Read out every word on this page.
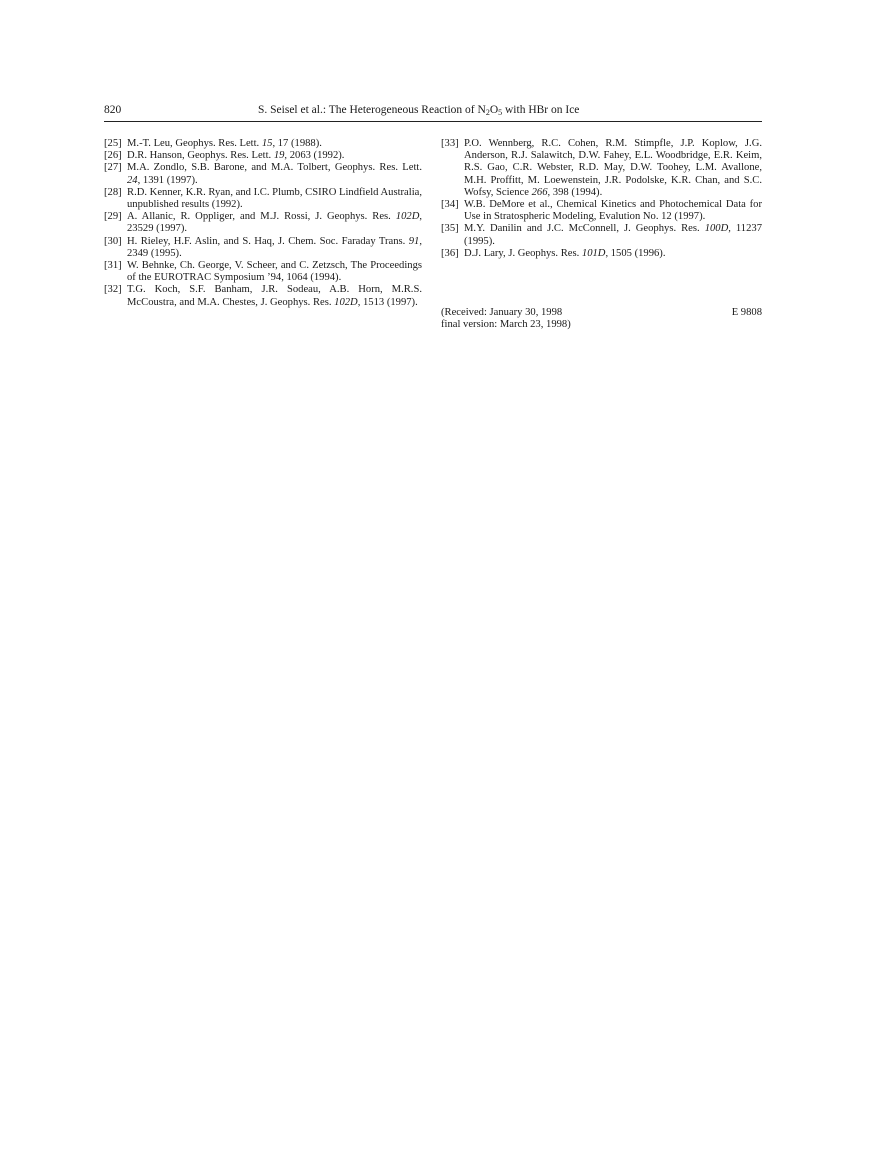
820	S. Seisel et al.: The Heterogeneous Reaction of $N_2O_5$ with HBr on Ice

[25] M.-T. Leu, Geophys. Res. Lett. 15, 17 (1988).

[26] D.R. Hanson, Geophys. Res. Lett. 19, 2063 (1992).

[27] M.A. Zondlo, S.B. Barone, and M.A. Tolbert, Geophys. Res. Lett. 24, 1391 (1997).

[28] R.D. Kenner, K.R. Ryan, and I.C. Plumb, CSIRO Lindfield Australia, unpublished results (1992).

[29] A. Allanic, R. Oppliger, and M.J. Rossi, J. Geophys. Res. 102D, 23529 (1997).

[30] H. Rieley, H.F. Aslin, and S. Haq, J. Chem. Soc. Faraday Trans. 91, 2349 (1995).

[31] W. Behnke, Ch. George, V. Scheer, and C. Zetzsch, The Proceedings of the EUROTRAC Symposium ’94, 1064 (1994).

[32] T.G. Koch, S.F. Banham, J.R. Sodeau, A.B. Horn, M.R.S. McCoustra, and M.A. Chestes, J. Geophys. Res. 102D, 1513 (1997).

[33] P.O. Wennberg, R.C. Cohen, R.M. Stimpfle, J.P. Koplow, J.G. Anderson, R.J. Salawitch, D.W. Fahey, E.L. Woodbridge, E.R. Keim, R.S. Gao, C.R. Webster, R.D. May, D.W. Toohey, L.M. Avallone, M.H. Proffitt, M. Loewenstein, J.R. Podolske, K.R. Chan, and S.C. Wofsy, Science 266, 398 (1994).

[34] W.B. DeMore et al., Chemical Kinetics and Photochemical Data for Use in Stratospheric Modeling, Evalution No. 12 (1997).

[35] M.Y. Danilin and J.C. McConnell, J. Geophys. Res. 100D, 11237 (1995).

[36] D.J. Lary, J. Geophys. Res. 101D, 1505 (1996).

(Received: January 30, 1998
final version: March 23, 1998)
E 9808
